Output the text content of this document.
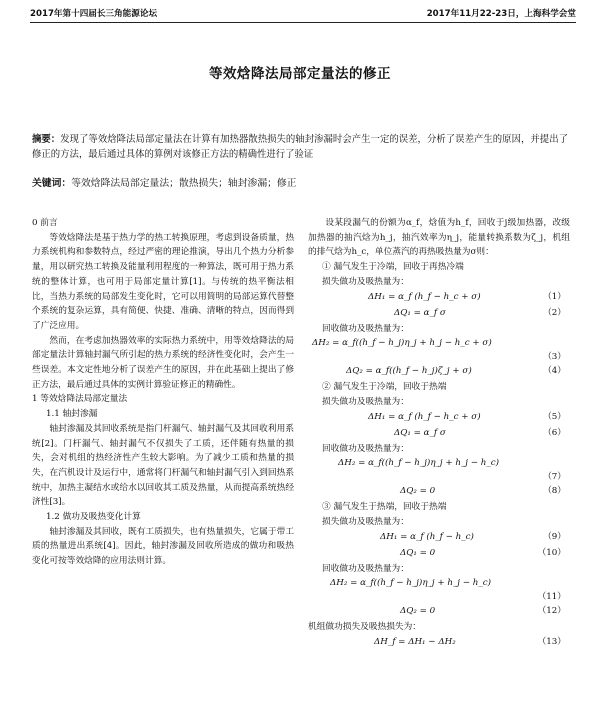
2017年第十四届长三角能源论坛	2017年11月22-23日，上海科学会堂
等效焓降法局部定量法的修正
摘要：发现了等效焓降法局部定量法在计算有加热器散热损失的轴封渗漏时会产生一定的误差，分析了误差产生的原因，并提出了修正的方法，最后通过具体的算例对该修正方法的精确性进行了验证
关键词：等效焓降法局部定量法；散热损失；轴封渗漏；修正

0 前言

等效焓降法是基于热力学的热工转换原理，考虑到设备质量，热力系统机构和参数特点，经过严密的理论推演，导出几个热力分析参量，用以研究热工转换及能量利用程度的一种算法，既可用于热力系统的整体计算，也可用于局部定量计算[1]。与传统的热平衡法相比，当热力系统的局部发生变化时，它可以用简明的局部运算代替整个系统的复杂运算，具有简便、快捷、准确、清晰的特点，因而得到了广泛应用。

然而，在考虑加热器效率的实际热力系统中，用等效焓降法的局部定量法计算轴封漏气所引起的热力系统的经济性变化时，会产生一些误差。本文定性地分析了误差产生的原因，并在此基础上提出了修正方法，最后通过具体的实例计算验证修正的精确性。

1 等效焓降法局部定量法

1.1 轴封渗漏

轴封渗漏及其回收系统是指门杆漏气、轴封漏气及其回收利用系统[2]。门杆漏气、轴封漏气不仅损失了工质，还伴随有热量的损失，会对机组的热经济性产生较大影响。为了减少工质和热量的损失，在汽机设计及运行中，通常将门杆漏气和轴封漏气引入到回热系统中，加热主凝结水或给水以回收其工质及热量，从而提高系统热经济性[3]。

1.2 做功及吸热变化计算

轴封渗漏及其回收，既有工质损失，也有热量损失，它属于带工质的热量进出系统[4]。因此，轴封渗漏及回收所造成的做功和吸热变化可按等效焓降的应用法则计算。

设某段漏气的份额为α_f，焓值为h_f，回收于j级加热器，改级加热器的抽汽焓为h_j，抽汽效率为η_j，能量转换系数为ζ_j，机组的排气焓为h_c，单位蒸汽的再热吸热量为σ则：

① 漏气发生于冷端，回收于再热冷端

损失做功及吸热量为：

ΔH₁ = α_f (h_f − h_c + σ)	（1）
ΔQ₁ = α_f σ	（2）

回收做功及吸热量为：

ΔH₂ = α_f((h_f − h_j)η_j + h_j − h_c + σ)
（3）
ΔQ₂ = α_f((h_f − h_j)ζ_j + σ)	（4）

② 漏气发生于冷端，回收于热端

损失做功及吸热量为：

ΔH₁ = α_f (h_f − h_c + σ)	（5）
ΔQ₁ = α_f σ	（6）

回收做功及吸热量为：

ΔH₂ = α_f((h_f − h_j)η_j + h_j − h_c)
（7）
ΔQ₂ = 0	（8）

③ 漏气发生于热端，回收于热端

损失做功及吸热量为：

ΔH₁ = α_f (h_f − h_c)	（9）
ΔQ₁ = 0	（10）

回收做功及吸热量为：

ΔH₂ = α_f((h_f − h_j)η_j + h_j − h_c)
（11）
ΔQ₂ = 0	（12）

机组做功损失及吸热损失为：

ΔH_f = ΔH₁ − ΔH₂	（13）
